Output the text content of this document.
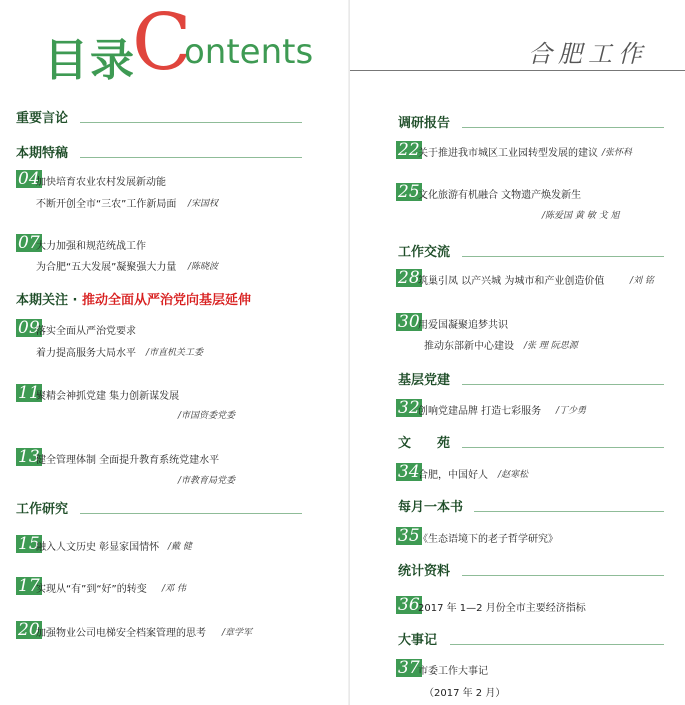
目录
C
ontents
重要言论
本期特稿
04
加快培育农业农村发展新动能
不断开创全市“三农”工作新局面 /宋国权
07
大力加强和规范统战工作
为合肥“五大发展”凝聚强大力量 /陈晓波
本期关注 · 推动全面从严治党向基层延伸
09
落实全面从严治党要求
着力提高服务大局水平 /市直机关工委
11
聚精会神抓党建 集力创新谋发展
/市国资委党委
13
健全管理体制 全面提升教育系统党建水平
/市教育局党委
工作研究
15
融入人文历史 彰显家国情怀 /戴 健
17
实现从“有”到“好”的转变 /邓 伟
20
加强物业公司电梯安全档案管理的思考 /章学军
合肥工作
调研报告
22
关于推进我市城区工业园转型发展的建议 /张怀科
25
文化旅游有机融合 文物遗产焕发新生
/陈爱国 黄 敏 戈 旭
工作交流
28
筑巢引凤 以产兴城 为城市和产业创造价值	/刘 铭
30
用爱国凝聚追梦共识
推动东部新中心建设 /张 理 阮思源
基层党建
32
创响党建品牌 打造七彩服务 /丁少勇
文　　苑
34
合肥，中国好人 /赵寒松
每月一本书
35
《生态语境下的老子哲学研究》
统计资料
36
2017 年 1—2 月份全市主要经济指标
大事记
37
市委工作大事记
（2017 年 2 月）
